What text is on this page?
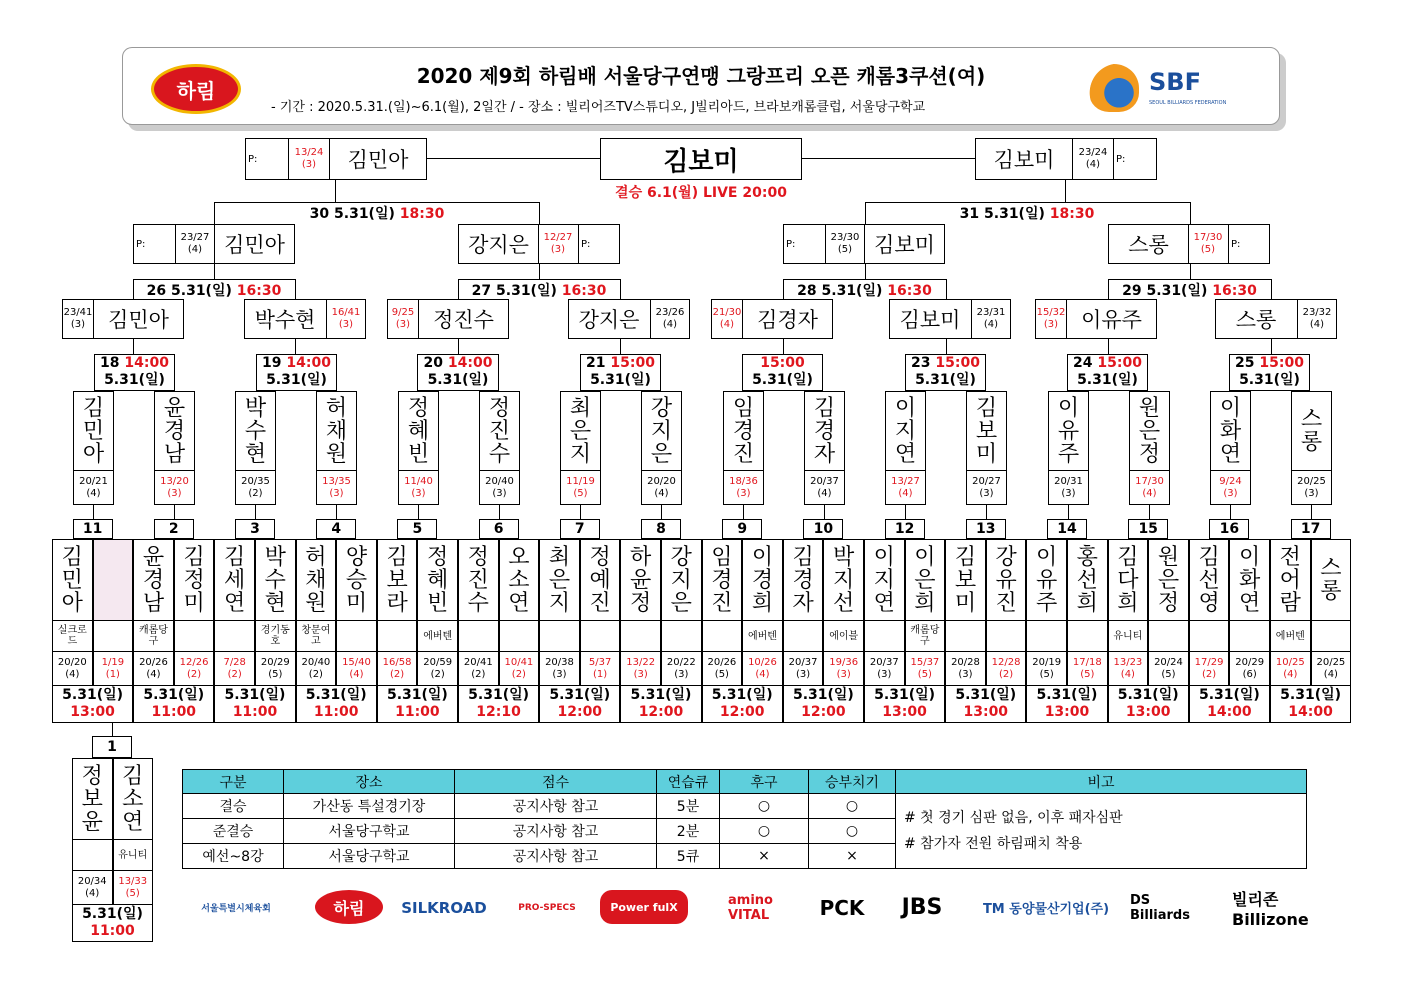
하림
2020 제9회 하림배 서울당구연맹 그랑프리 오픈 캐롬3쿠션(여)
- 기간 : 2020.5.31.(일)~6.1(월), 2일간 / - 장소 : 빌리어즈TV스튜디오, J빌리아드, 브라보캐롬클럽, 서울당구학교
SBF
SEOUL BILLIARDS FEDERATION
P:
13/24
(3)	김민아	김보미
결승 6.1(월) LIVE 20:00
김보미	23/24
(4) P:
30 5.31(일) 18:30	31 5.31(일) 18:30
P:
23/27
(4)	김민아	강지은	12/27
(3) P:	P:
23/30
(5)	김보미	스롱	17/30
(5) P:
26 5.31(일) 16:30	27 5.31(일) 16:30	28 5.31(일) 16:30	29 5.31(일) 16:30
23/41
(3)	김민아	박수현	16/41
(3)
9/25
(3)	정진수	강지은	23/26
(4)
21/30
(4)	김경자	김보미	23/31
(4)
15/32
(3)	이유주	스롱	23/32
(4)
18 14:00
5.31(일)
19 14:00
5.31(일)
20 14:00
5.31(일)
21 15:00
5.31(일)
15:00
5.31(일)
23 15:00
5.31(일)
24 15:00
5.31(일)
25 15:00
5.31(일)
김
민
아
20/21
(4)
윤
경
남
13/20
(3)
박
수
현
20/35
(2)
허
채
원
13/35
(3)
정
혜
빈
11/40
(3)
정
진
수
20/40
(3)
최
은
지
11/19
(5)
강
지
은
20/20
(4)
임
경
진
18/36
(3)
김
경
자
20/37
(4)
이
지
연
13/27
(4)
김
보
미
20/27
(3)
이
유
주
20/31
(3)
원
은
정
17/30
(4)
이
화
연
9/24
(3)
스
롱
20/25
(3)
11
김
민
아
실크로드
20/20
(4)
1/19
(1)
5.31(일)
13:00
2
윤
경
남
캐롬당구
20/26
(4)
김
정
미
12/26
(2)
5.31(일)
11:00
3
김
세
연
7/28
(2)
박
수
현
경기동호
20/29
(5)
5.31(일)
11:00
4
허
채
원
창문여고
20/40
(2)
양
승
미
15/40
(4)
5.31(일)
11:00
5
김
보
라
16/58
(2)
정
혜
빈
에버텐
20/59
(2)
5.31(일)
11:00
6
정
진
수
20/41
(2)
오
소
연
10/41
(2)
5.31(일)
12:10
7
최
은
지
20/38
(3)
정
예
진
5/37
(1)
5.31(일)
12:00
8
하
윤
정
13/22
(3)
강
지
은
20/22
(3)
5.31(일)
12:00
9
임
경
진
20/26
(5)
이
경
희
에버텐
10/26
(4)
5.31(일)
12:00
10
김
경
자
20/37
(3)
박
지
선
에이블
19/36
(3)
5.31(일)
12:00
12
이
지
연
20/37
(3)
이
은
희
캐롬당구
15/37
(5)
5.31(일)
13:00
13
김
보
미
20/28
(3)
강
유
진
12/28
(2)
5.31(일)
13:00
14
이
유
주
20/19
(5)
홍
선
희
17/18
(5)
5.31(일)
13:00
15
김
다
희
유니티
13/23
(4)
원
은
정
20/24
(5)
5.31(일)
13:00
16
김
선
영
17/29
(2)
이
화
연
20/29
(6)
5.31(일)
14:00
17
전
어
람
에버텐
10/25
(4)
스
롱
20/25
(4)
5.31(일)
14:00
1
정
보
윤
20/34
(4)
김
소
연
유니티
13/33
(5)
5.31(일)
11:00
구분	장소	점수	연습큐	후구	승부치기	비고
결승	가산동 특설경기장	공지사항 참고	5분	○	○	# 첫 경기 심판 없음, 이후 패자심판
# 참가자 전원 하림패치 착용

준결승	서울당구학교	공지사항 참고	2분	○	○	
예선~8강	서울당구학교	공지사항 참고	5큐	×	×	
서울특별시체육회	하림	SILKROAD	PRO-SPECS	Power fulX	amino VITAL	PCK	JBS	TM 동양물산기업(주)
DS Billiards
빌리존 Billizone
